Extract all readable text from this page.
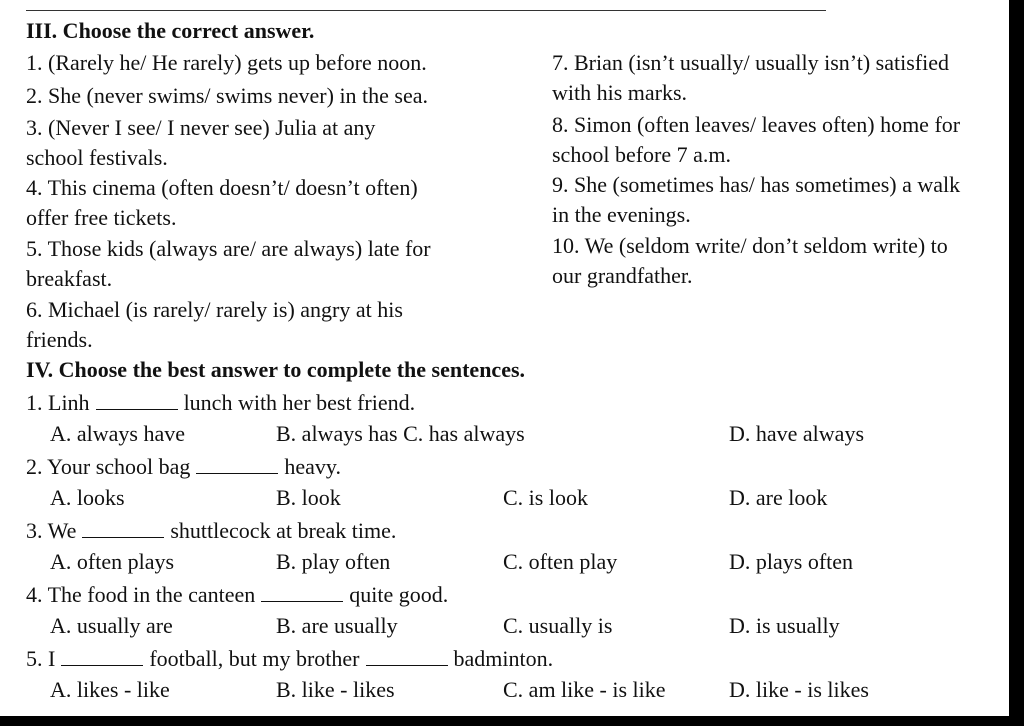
III. Choose the correct answer.
1. (Rarely he/ He rarely) gets up before noon.
2. She (never swims/ swims never) in the sea.
3. (Never I see/ I never see) Julia at any
school festivals.
4. This cinema (often doesn’t/ doesn’t often)
offer free tickets.
5. Those kids (always are/ are always) late for
breakfast.
6. Michael (is rarely/ rarely is) angry at his
friends.
7. Brian (isn’t usually/ usually isn’t) satisfied
with his marks.
8. Simon (often leaves/ leaves often) home for
school before 7 a.m.
9. She (sometimes has/ has sometimes) a walk
in the evenings.
10. We (seldom write/ don’t seldom write) to
our grandfather.
IV. Choose the best answer to complete the sentences.
1. Linh	lunch with her best friend.
A. always have	B. always has C. has always	D. have always
2. Your school bag	heavy.
A. looks	B. look	C. is look	D. are look
3. We	shuttlecock at break time.
A. often plays	B. play often	C. often play	D. plays often
4. The food in the canteen	quite good.
A. usually are	B. are usually	C. usually is	D. is usually
5. I	football, but my brother	badminton.
A. likes - like	B. like - likes	C. am like - is like	D. like - is likes
